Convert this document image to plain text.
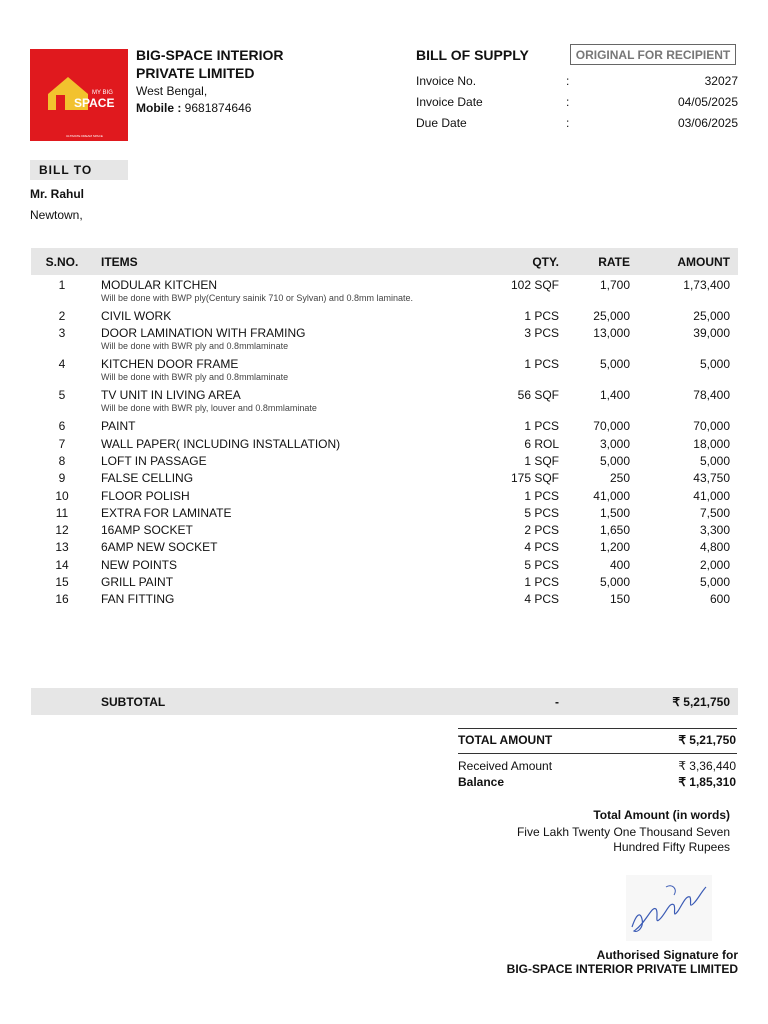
MY BIG
SPACE
ULTIMATE DREAM SPACE
BIG-SPACE INTERIOR PRIVATE LIMITED
West Bengal,
Mobile : 9681874646
BILL OF SUPPLY	ORIGINAL FOR RECIPIENT
Invoice No.	:	32027
Invoice Date	:	04/05/2025
Due Date	:	03/06/2025
BILL TO
Mr. Rahul
Newtown,
S.NO.	ITEMS	QTY.	RATE	AMOUNT
1	MODULAR KITCHEN	102 SQF	1,700	1,73,400
Will be done with BWP ply(Century sainik 710 or Sylvan) and 0.8mm laminate.
2	CIVIL WORK	1 PCS	25,000	25,000
3	DOOR LAMINATION WITH FRAMING	3 PCS	13,000	39,000
Will be done with BWR ply and 0.8mmlaminate
4	KITCHEN DOOR FRAME	1 PCS	5,000	5,000
Will be done with BWR ply and 0.8mmlaminate
5	TV UNIT IN LIVING AREA	56 SQF	1,400	78,400
Will be done with BWR ply, louver and 0.8mmlaminate
6	PAINT	1 PCS	70,000	70,000
7	WALL PAPER( INCLUDING INSTALLATION)	6 ROL	3,000	18,000
8	LOFT IN PASSAGE	1 SQF	5,000	5,000
9	FALSE CELLING	175 SQF	250	43,750
10	FLOOR POLISH	1 PCS	41,000	41,000
11	EXTRA FOR LAMINATE	5 PCS	1,500	7,500
12	16AMP SOCKET	2 PCS	1,650	3,300
13	6AMP NEW SOCKET	4 PCS	1,200	4,800
14	NEW POINTS	5 PCS	400	2,000
15	GRILL PAINT	1 PCS	5,000	5,000
16	FAN FITTING	4 PCS	150	600
SUBTOTAL	-	₹ 5,21,750
TOTAL AMOUNT	₹ 5,21,750
Received Amount	₹ 3,36,440
Balance	₹ 1,85,310
Total Amount (in words)
Five Lakh Twenty One Thousand Seven Hundred Fifty Rupees
Authorised Signature for
BIG-SPACE INTERIOR PRIVATE LIMITED
